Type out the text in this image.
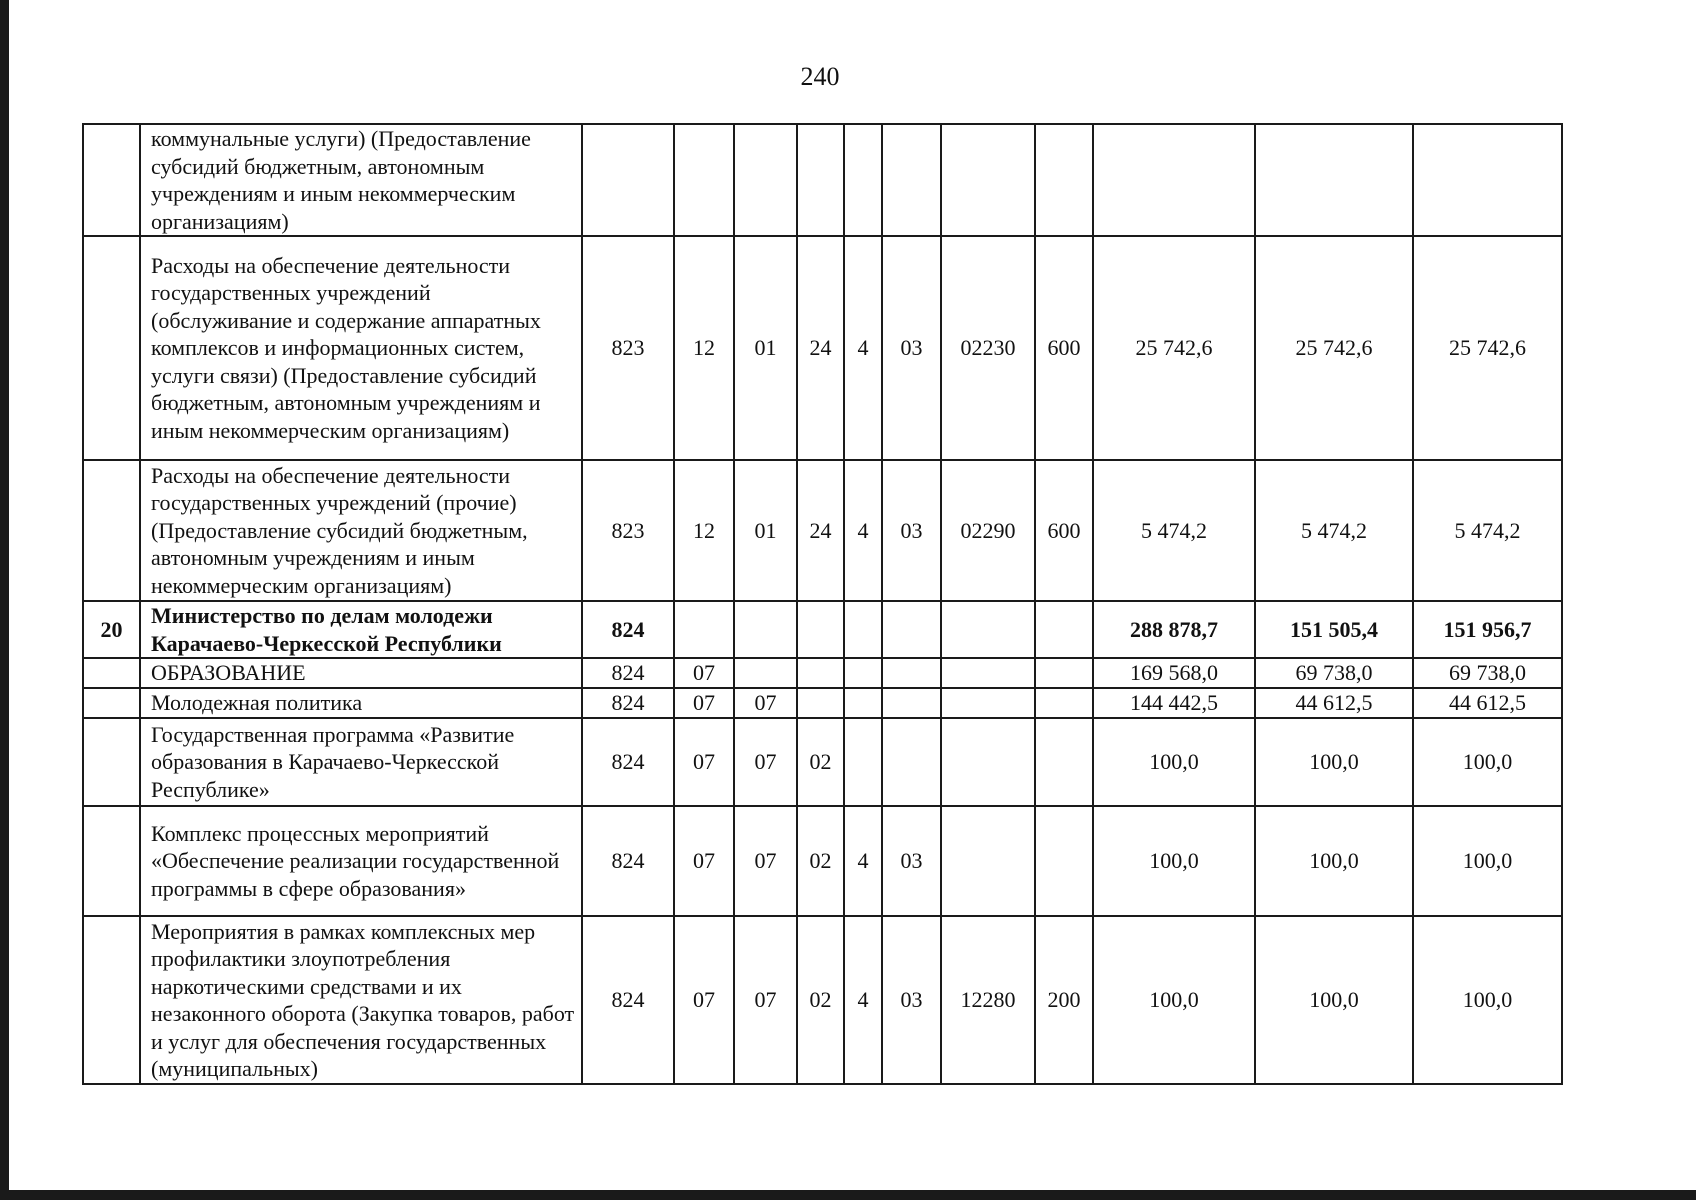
240
	коммунальные услуги) (Предоставление субсидий бюджетным, автономным учреждениям и иным некоммерческим организациям)											
	Расходы на обеспечение деятельности государственных учреждений (обслуживание и содержание аппаратных комплексов и информационных систем, услуги связи) (Предоставление субсидий бюджетным, автономным учреждениям и иным некоммерческим организациям)	823	12	01	24	4	03	02230	600	25 742,6	25 742,6	25 742,6
	Расходы на обеспечение деятельности государственных учреждений (прочие) (Предоставление субсидий бюджетным, автономным учреждениям и иным некоммерческим организациям)	823	12	01	24	4	03	02290	600	5 474,2	5 474,2	5 474,2
20	Министерство по делам молодежи Карачаево-Черкесской Республики	824								288 878,7	151 505,4	151 956,7
	ОБРАЗОВАНИЕ	824	07							169 568,0	69 738,0	69 738,0
	Молодежная политика	824	07	07						144 442,5	44 612,5	44 612,5
	Государственная программа «Развитие образования в Карачаево-Черкесской Республике»	824	07	07	02					100,0	100,0	100,0
	Комплекс процессных мероприятий «Обеспечение реализации государственной программы в сфере образования»	824	07	07	02	4	03			100,0	100,0	100,0
	Мероприятия в рамках комплексных мер профилактики злоупотребления наркотическими средствами и их незаконного оборота (Закупка товаров, работ и услуг для обеспечения государственных (муниципальных)	824	07	07	02	4	03	12280	200	100,0	100,0	100,0
